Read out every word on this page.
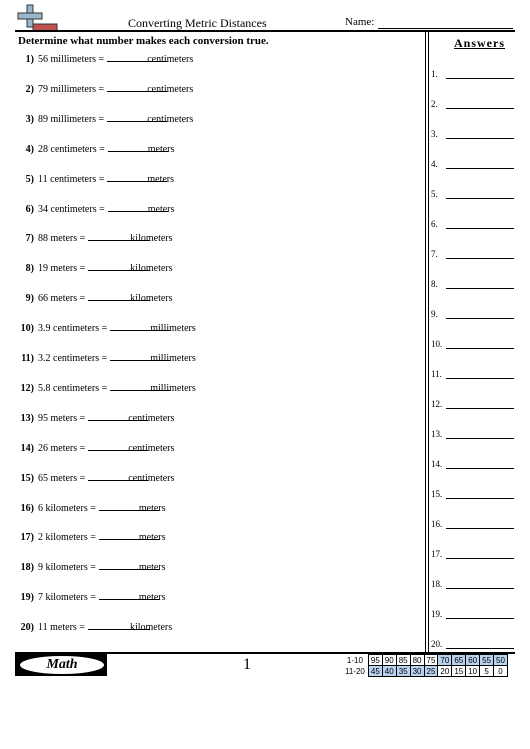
Converting Metric Distances	Name:
Determine what number makes each conversion true.	Answers
1) 56 millimeters =	centimeters
2) 79 millimeters =	centimeters
3) 89 millimeters =	centimeters
4) 28 centimeters =	meters
5) 11 centimeters =	meters
6) 34 centimeters =	meters
7) 88 meters =	kilometers
8) 19 meters =	kilometers
9) 66 meters =	kilometers
10) 3.9 centimeters =	millimeters
11) 3.2 centimeters =	millimeters
12) 5.8 centimeters =	millimeters
13) 95 meters =	centimeters
14) 26 meters =	centimeters
15) 65 meters =	centimeters
16) 6 kilometers =	meters
17) 2 kilometers =	meters
18) 9 kilometers =	meters
19) 7 kilometers =	meters
20) 11 meters =	kilometers
1.
2.
3.
4.
5.
6.
7.
8.
9.
10.
11.
12.
13.
14.
15.
16.
17.
18.
19.
20.
Math	1	1-10	95	90	85	80	75	70	65	60	55	50
11-20	45	40	35	30	25	20	15	10	5	0
